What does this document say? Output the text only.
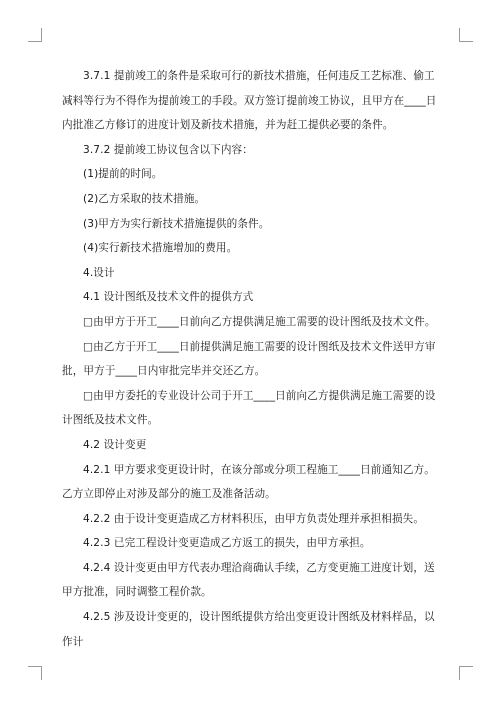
3.7.1 提前竣工的条件是采取可行的新技术措施，任何违反工艺标准、偷工减料等行为不得作为提前竣工的手段。双方签订提前竣工协议，且甲方在____日内批准乙方修订的进度计划及新技术措施，并为赶工提供必要的条件。

3.7.2 提前竣工协议包含以下内容：

(1)提前的时间。

(2)乙方采取的技术措施。

(3)甲方为实行新技术措施提供的条件。

(4)实行新技术措施增加的费用。

4.设计

4.1 设计图纸及技术文件的提供方式

□由甲方于开工____日前向乙方提供满足施工需要的设计图纸及技术文件。

□由乙方于开工____日前提供满足施工需要的设计图纸及技术文件送甲方审批，甲方于____日内审批完毕并交还乙方。

□由甲方委托的专业设计公司于开工____日前向乙方提供满足施工需要的设计图纸及技术文件。

4.2 设计变更

4.2.1 甲方要求变更设计时，在该分部或分项工程施工____日前通知乙方。乙方立即停止对涉及部分的施工及准备活动。

4.2.2 由于设计变更造成乙方材料积压，由甲方负责处理并承担相损失。

4.2.3 已完工程设计变更造成乙方返工的损失，由甲方承担。

4.2.4 设计变更由甲方代表办理洽商确认手续，乙方变更施工进度计划，送甲方批准，同时调整工程价款。

4.2.5 涉及设计变更的，设计图纸提供方给出变更设计图纸及材料样品，以作计
